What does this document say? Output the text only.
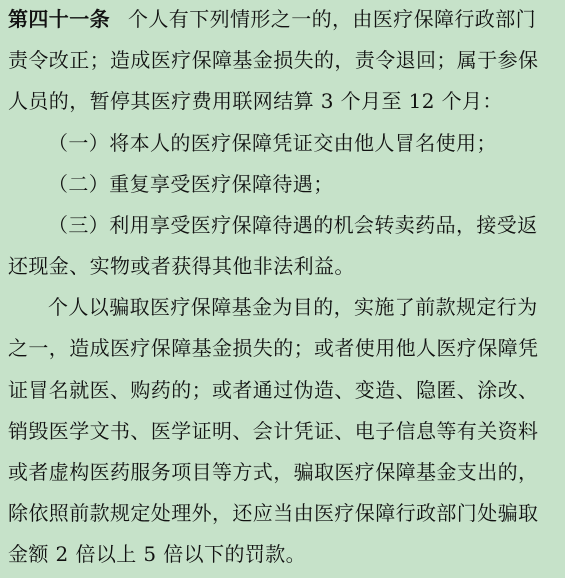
第四十一条 个人有下列情形之一的，由医疗保障行政部门
责令改正；造成医疗保障基金损失的，责令退回；属于参保
人员的，暂停其医疗费用联网结算 3 个月至 12 个月：
（一）将本人的医疗保障凭证交由他人冒名使用；
（二）重复享受医疗保障待遇；
（三）利用享受医疗保障待遇的机会转卖药品，接受返
还现金、实物或者获得其他非法利益。
个人以骗取医疗保障基金为目的，实施了前款规定行为
之一，造成医疗保障基金损失的；或者使用他人医疗保障凭
证冒名就医、购药的；或者通过伪造、变造、隐匿、涂改、
销毁医学文书、医学证明、会计凭证、电子信息等有关资料
或者虚构医药服务项目等方式，骗取医疗保障基金支出的，
除依照前款规定处理外，还应当由医疗保障行政部门处骗取
金额 2 倍以上 5 倍以下的罚款。
